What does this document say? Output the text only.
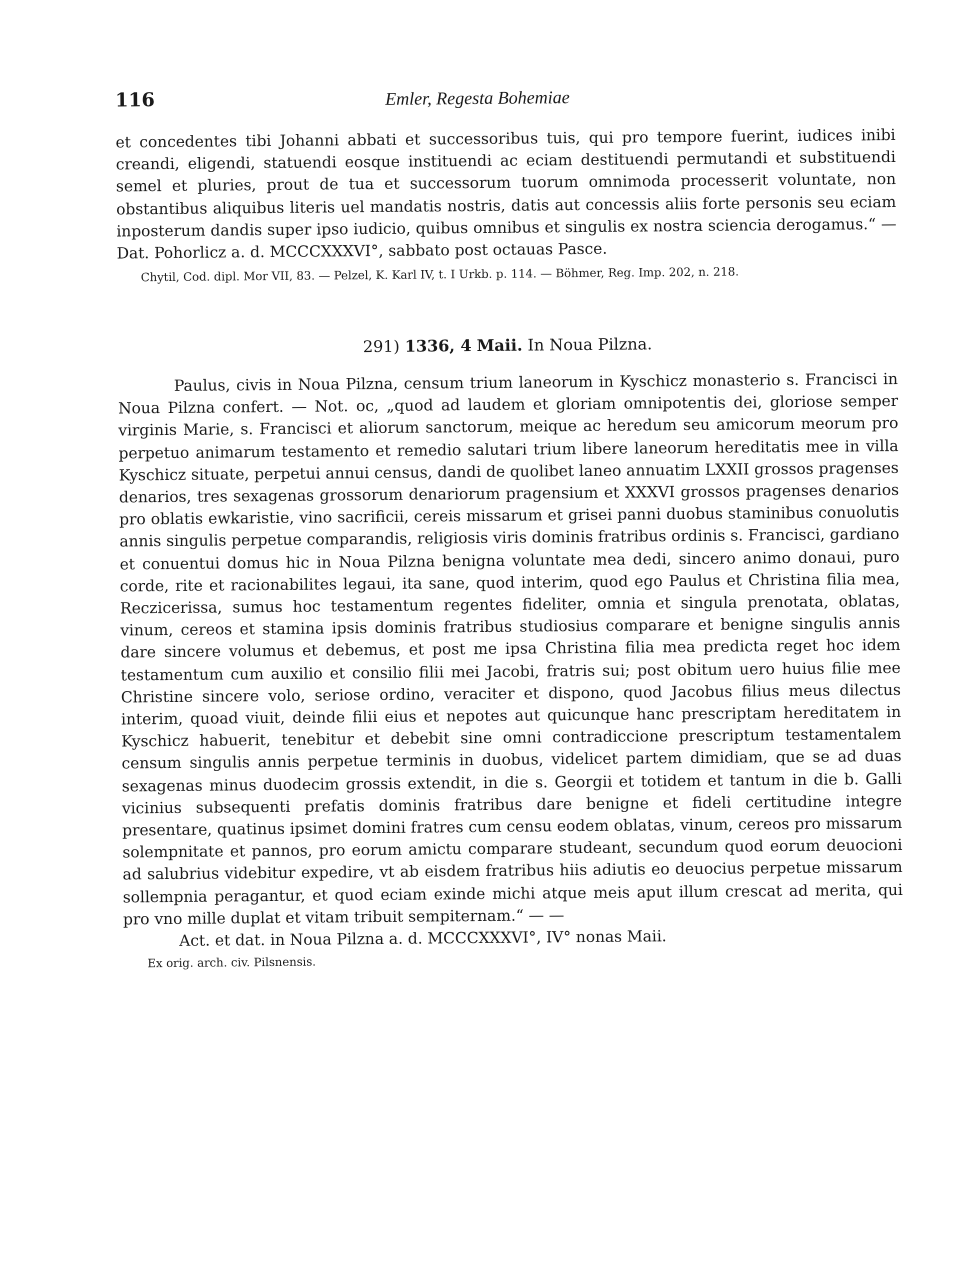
116	Emler, Regesta Bohemiae

et concedentes tibi Johanni abbati et successoribus tuis, qui pro tempore fuerint, iudices inibi creandi, eligendi, statuendi eosque instituendi ac eciam destituendi permutandi et substituendi semel et pluries, prout de tua et successorum tuorum omnimoda processerit voluntate, non obstantibus aliquibus literis uel mandatis nostris, datis aut concessis aliis forte personis seu eciam inposterum dandis super ipso iudicio, quibus omnibus et singulis ex nostra sciencia derogamus.“ — Dat. Pohorlicz a. d. MCCCXXXVI°, sabbato post octauas Pasce.

Chytil, Cod. dipl. Mor VII, 83. — Pelzel, K. Karl IV, t. I Urkb. p. 114. — Böhmer, Reg. Imp. 202, n. 218.

291) 1336, 4 Maii. In Noua Pilzna.

Paulus, civis in Noua Pilzna, censum trium laneorum in Kyschicz monasterio s. Francisci in Noua Pilzna confert. — Not. oc, „quod ad laudem et gloriam omnipotentis dei, gloriose semper virginis Marie, s. Francisci et aliorum sanctorum, meique ac heredum seu amicorum meorum pro perpetuo animarum testamento et remedio salutari trium libere laneorum hereditatis mee in villa Kyschicz situate, perpetui annui census, dandi de quolibet laneo annuatim LXXII grossos pragenses denarios, tres sexagenas grossorum denariorum pragensium et XXXVI grossos pragenses denarios pro oblatis ewkaristie, vino sacrificii, cereis missarum et grisei panni duobus staminibus conuolutis annis singulis perpetue comparandis, religiosis viris dominis fratribus ordinis s. Francisci, gardiano et conuentui domus hic in Noua Pilzna benigna voluntate mea dedi, sincero animo donaui, puro corde, rite et racionabilites legaui, ita sane, quod interim, quod ego Paulus et Christina filia mea, Reczicerissa, sumus hoc testamentum regentes fideliter, omnia et singula prenotata, oblatas, vinum, cereos et stamina ipsis dominis fratribus studiosius comparare et benigne singulis annis dare sincere volumus et debemus, et post me ipsa Christina filia mea predicta reget hoc idem testamentum cum auxilio et consilio filii mei Jacobi, fratris sui; post obitum uero huius filie mee Christine sincere volo, seriose ordino, veraciter et dispono, quod Jacobus filius meus dilectus interim, quoad viuit, deinde filii eius et nepotes aut quicunque hanc prescriptam hereditatem in Kyschicz habuerit, tenebitur et debebit sine omni contradiccione prescriptum testamentalem censum singulis annis perpetue terminis in duobus, videlicet partem dimidiam, que se ad duas sexagenas minus duodecim grossis extendit, in die s. Georgii et totidem et tantum in die b. Galli vicinius subsequenti prefatis dominis fratribus dare benigne et fideli certitudine integre presentare, quatinus ipsimet domini fratres cum censu eodem oblatas, vinum, cereos pro missarum solempnitate et pannos, pro eorum amictu comparare studeant, secundum quod eorum deuocioni ad salubrius videbitur expedire, vt ab eisdem fratribus hiis adiutis eo deuocius perpetue missarum sollempnia peragantur, et quod eciam exinde michi atque meis aput illum crescat ad merita, qui pro vno mille duplat et vitam tribuit sempiternam.“ — —

Act. et dat. in Noua Pilzna a. d. MCCCXXXVI°, IV° nonas Maii.

Ex orig. arch. civ. Pilsnensis.
